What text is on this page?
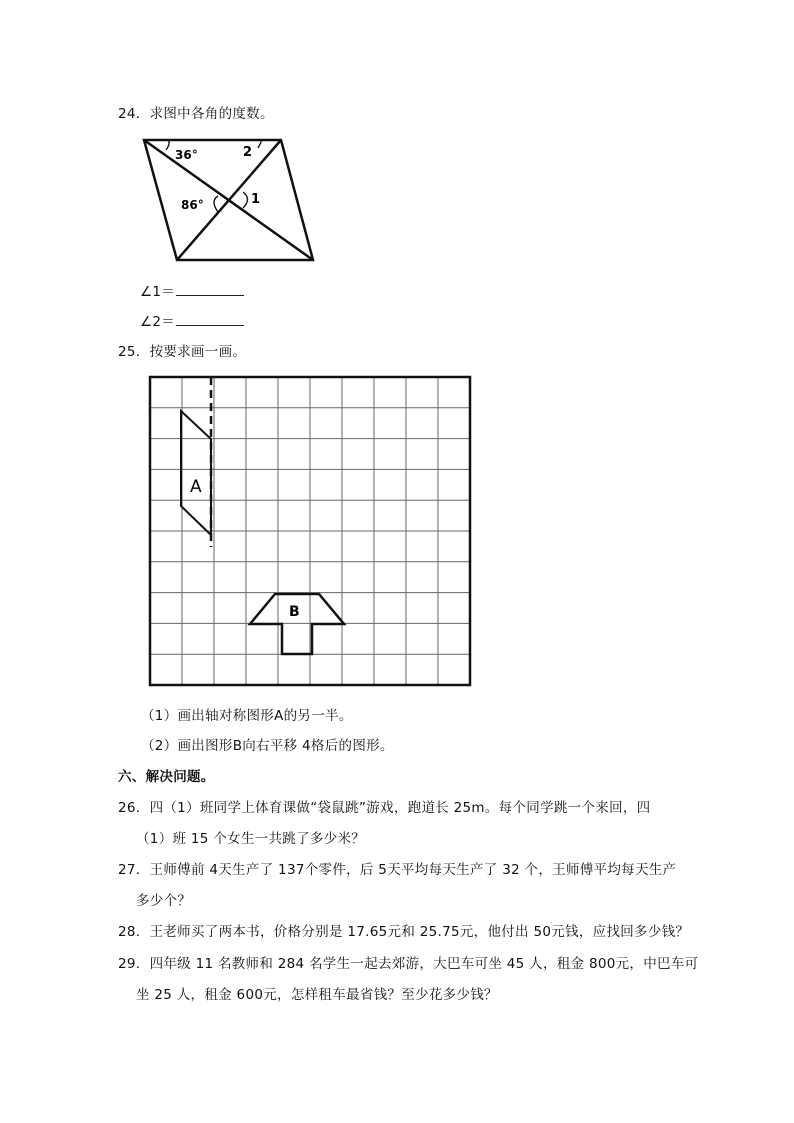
24．求图中各角的度数。
36°	2
86°	1
∠1＝
∠2＝
25．按要求画一画。
A
B
（1）画出轴对称图形A的另一半。
（2）画出图形B向右平移 4格后的图形。
六、解决问题。
26．四（1）班同学上体育课做“袋鼠跳”游戏，跑道长 25m。每个同学跳一个来回，四
（1）班 15 个女生一共跳了多少米？
27．王师傅前 4天生产了 137个零件，后 5天平均每天生产了 32 个，王师傅平均每天生产
多少个？
28．王老师买了两本书，价格分别是 17.65元和 25.75元，他付出 50元钱，应找回多少钱？
29．四年级 11 名教师和 284 名学生一起去郊游，大巴车可坐 45 人，租金 800元，中巴车可
坐 25 人，租金 600元，怎样租车最省钱？至少花多少钱？
